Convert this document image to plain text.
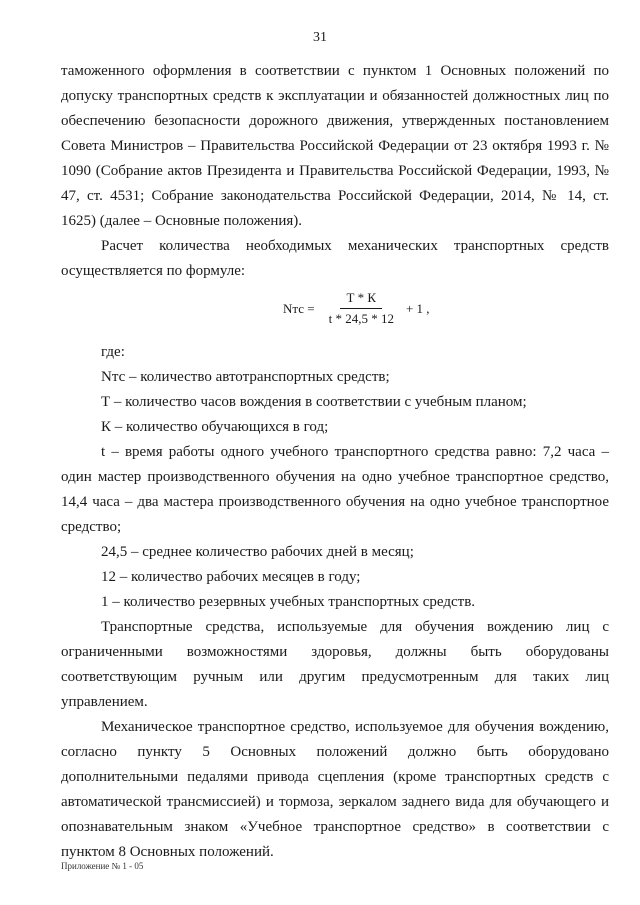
31

таможенного оформления в соответствии с пунктом 1 Основных положений по допуску транспортных средств к эксплуатации и обязанностей должностных лиц по обеспечению безопасности дорожного движения, утвержденных постановлением Совета Министров – Правительства Российской Федерации от 23 октября 1993 г. № 1090 (Собрание актов Президента и Правительства Российской Федерации, 1993, № 47, ст. 4531; Собрание законодательства Российской Федерации, 2014, № 14, ст. 1625) (далее – Основные положения).

Расчет количества необходимых механических транспортных средств осуществляется по формуле:

Nтс = $\frac{Т * К}{t * 24,5 * 12} + 1$ ,

где:

Nтс – количество автотранспортных средств;

Т – количество часов вождения в соответствии с учебным планом;

К – количество обучающихся в год;

t – время работы одного учебного транспортного средства равно: 7,2 часа – один мастер производственного обучения на одно учебное транспортное средство, 14,4 часа – два мастера производственного обучения на одно учебное транспортное средство;

24,5 – среднее количество рабочих дней в месяц;

12 – количество рабочих месяцев в году;

1 – количество резервных учебных транспортных средств.

Транспортные средства, используемые для обучения вождению лиц с ограниченными возможностями здоровья, должны быть оборудованы соответствующим ручным или другим предусмотренным для таких лиц управлением.

Механическое транспортное средство, используемое для обучения вождению, согласно пункту 5 Основных положений должно быть оборудовано дополнительными педалями привода сцепления (кроме транспортных средств с автоматической трансмиссией) и тормоза, зеркалом заднего вида для обучающего и опознавательным знаком «Учебное транспортное средство» в соответствии с пунктом 8 Основных положений.

Приложение № 1 - 05
